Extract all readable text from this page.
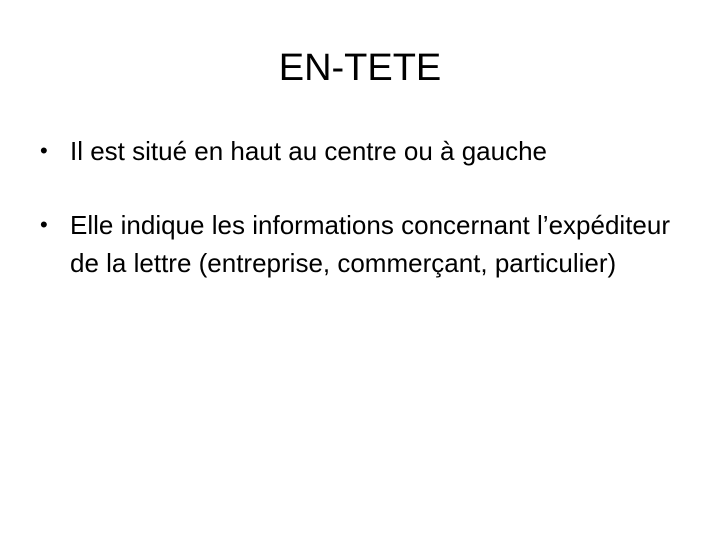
EN-TETE
• Il est situé en haut au centre ou à gauche
• Elle indique les informations concernant l’expéditeur de la lettre (entreprise, commerçant, particulier)
